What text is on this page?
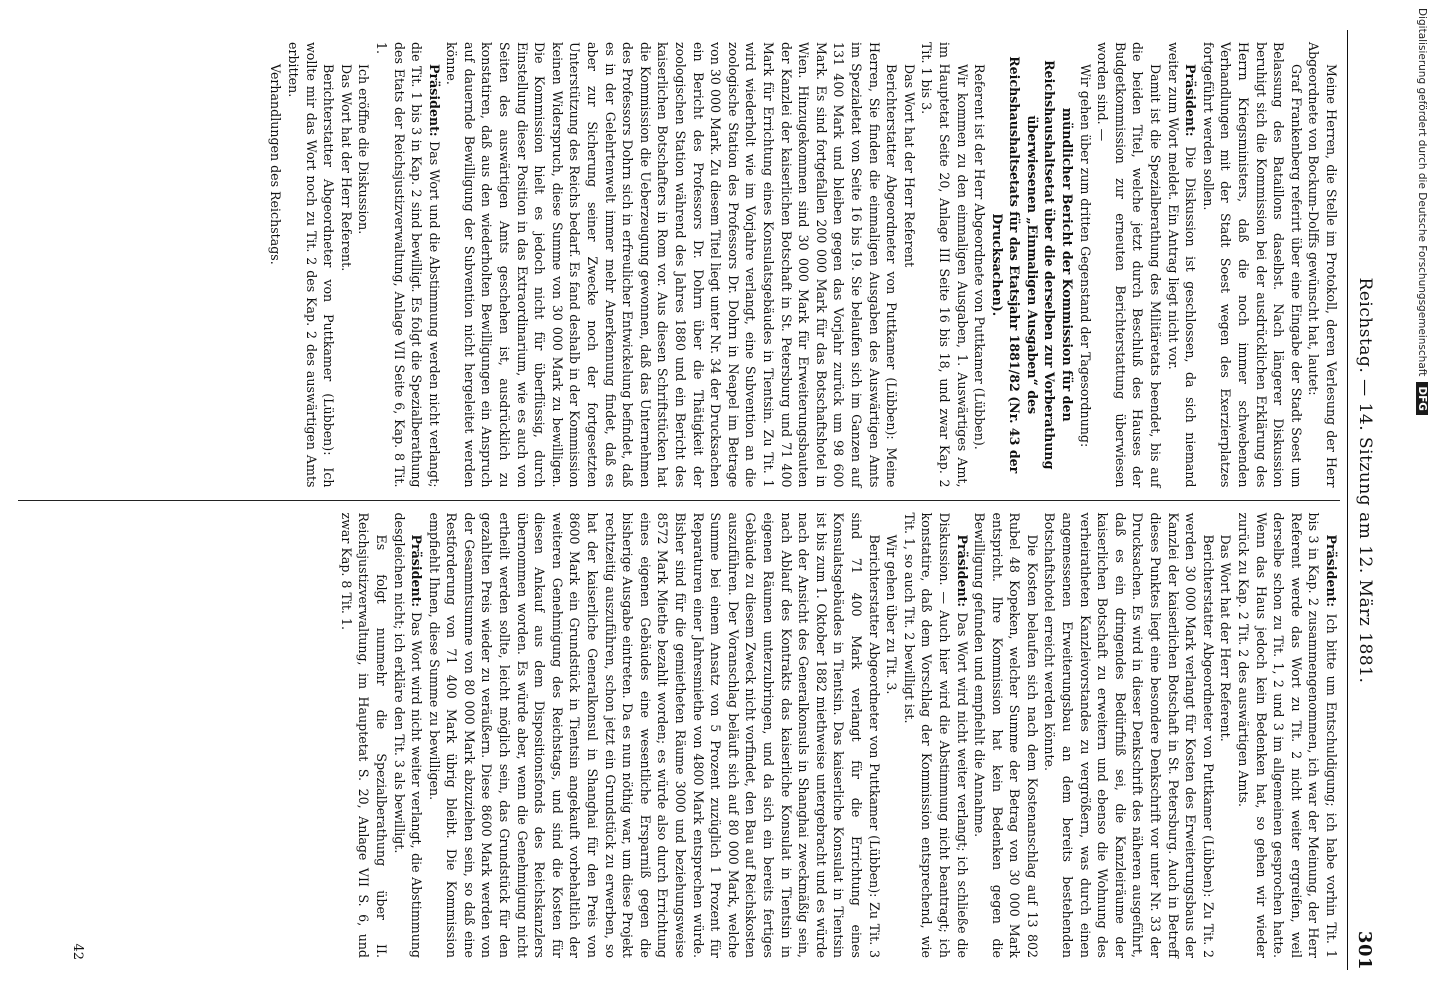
Reichstag. — 14. Sitzung am 12. März 1881.
301

Meine Herren, die Stelle im Protokoll, deren Verlesung der Herr Abgeordnete von Bockum-Dolffs gewünscht hat, lautet:

Graf Frankenberg referirt über eine Eingabe der Stadt Soest um Belassung des Bataillons daselbst. Nach längerer Diskussion beruhigt sich die Kommission bei der ausdrücklichen Erklärung des Herrn Kriegsministers, daß die noch immer schwebenden Verhandlungen mit der Stadt Soest wegen des Exerzierplatzes fortgeführt werden sollen.

Präsident: Die Diskussion ist geschlossen, da sich niemand weiter zum Wort meldet. Ein Antrag liegt nicht vor.

Damit ist die Spezialberathung des Militäretats beendet, bis auf die beiden Titel, welche jetzt durch Beschluß des Hauses der Budgetkommission zur erneuten Berichterstattung überwiesen worden sind. —

Wir gehen über zum dritten Gegenstand der Tagesordnung:

mündlicher Bericht der Kommission für den Reichshaushaltsetat über die derselben zur Vorberathung überwiesenen „Einmaligen Ausgaben“ des Reichshaushaltsetats für das Etatsjahr 1881/82 (Nr. 43 der Drucksachen).

Referent ist der Herr Abgeordnete von Puttkamer (Lübben).

Wir kommen zu den einmaligen Ausgaben, 1. Auswärtiges Amt, im Hauptetat Seite 20, Anlage III Seite 16 bis 18, und zwar Kap. 2 Tit. 1 bis 3.

Das Wort hat der Herr Referent

Berichterstatter Abgeordneter von Puttkamer (Lübben): Meine Herren, Sie finden die einmaligen Ausgaben des Auswärtigen Amts im Spezialetat von Seite 16 bis 19. Sie belaufen sich im Ganzen auf 131 400 Mark und bleiben gegen das Vorjahr zurück um 98 600 Mark. Es sind fortgefallen 200 000 Mark für das Botschaftshotel in Wien. Hinzugekommen sind 30 000 Mark für Erweiterungsbauten der Kanzlei der kaiserlichen Botschaft in St. Petersburg und 71 400 Mark für Errichtung eines Konsulatsgebäudes in Tientsin. Zu Tit. 1 wird wiederholt wie im Vorjahre verlangt, eine Subvention an die zoologische Station des Professors Dr. Dohrn in Neapel im Betrage von 30 000 Mark. Zu diesem Titel liegt unter Nr. 34 der Drucksachen ein Bericht des Professors Dr. Dohrn über die Thätigkeit der zoologischen Station während des Jahres 1880 und ein Bericht des kaiserlichen Botschafters in Rom vor. Aus diesen Schriftstücken hat die Kommission die Ueberzeugung gewonnen, daß das Unternehmen des Professors Dohrn sich in erfreulicher Entwickelung befindet, daß es in der Gelehrtenwelt immer mehr Anerkennung findet, daß es aber zur Sicherung seiner Zwecke noch der fortgesetzten Unterstützung des Reichs bedarf. Es fand deshalb in der Kommission keinen Widerspruch, diese Summe von 30 000 Mark zu bewilligen. Die Kommission hielt es jedoch nicht für überflüssig, durch Einstellung dieser Position in das Extraordinarium, wie es auch von Seiten des auswärtigen Amts geschehen ist, ausdrücklich zu konstatiren, daß aus den wiederholten Bewilligungen ein Anspruch auf dauernde Bewilligung der Subvention nicht hergeleitet werden könne.

Präsident: Das Wort und die Abstimmung werden nicht verlangt; die Tit. 1 bis 3 in Kap. 2 sind bewilligt. Es folgt die Spezialberathung des Etats der Reichsjustizverwaltung, Anlage VII Seite 6, Kap. 8 Tit. 1.

Ich eröffne die Diskussion.

Das Wort hat der Herr Referent.

Berichterstatter Abgeordneter von Puttkamer (Lübben): Ich wollte mir das Wort noch zu Tit. 2 des Kap. 2 des auswärtigen Amts erbitten.

Verhandlungen des Reichstags.

Präsident: Ich bitte um Entschuldigung; ich habe vorhin Tit. 1 bis 3 in Kap. 2 zusammengenommen, ich war der Meinung, der Herr Referent werde das Wort zu Tit. 2 nicht weiter ergreifen, weil derselbe schon zu Tit. 1, 2 und 3 im allgemeinen gesprochen hatte. Wenn das Haus jedoch kein Bedenken hat, so gehen wir wieder zurück zu Kap. 2 Tit. 2 des auswärtigen Amts.

Das Wort hat der Herr Referent.

Berichterstatter Abgeordneter von Puttkamer (Lübben): Zu Tit. 2 werden 30 000 Mark verlangt für Kosten des Erweiterungsbaus der Kanzlei der kaiserlichen Botschaft in St. Petersburg. Auch in Betreff dieses Punktes liegt eine besondere Denkschrift vor unter Nr. 33 der Drucksachen. Es wird in dieser Denkschrift des näheren ausgeführt, daß es ein dringendes Bedürfniß sei, die Kanzleiräume der kaiserlichen Botschaft zu erweitern und ebenso die Wohnung des verheiratheten Kanzleivorstandes zu vergrößern, was durch einen angemessenen Erweiterungsbau an dem bereits bestehenden Botschaftshotel erreicht werden könnte.

Die Kosten belaufen sich nach dem Kostenanschlag auf 13 802 Rubel 48 Kopeken, welcher Summe der Betrag von 30 000 Mark entspricht. Ihre Kommission hat kein Bedenken gegen die Bewilligung gefunden und empfiehlt die Annahme.

Präsident: Das Wort wird nicht weiter verlangt; ich schließe die Diskussion. — Auch hier wird die Abstimmung nicht beantragt; ich konstatire, daß dem Vorschlag der Kommission entsprechend, wie Tit. 1, so auch Tit. 2 bewilligt ist.

Wir gehen über zu Tit. 3.

Berichterstatter Abgeordneter von Puttkamer (Lübben): Zu Tit. 3 sind 71 400 Mark verlangt für die Errichtung eines Konsulatsgebäudes in Tientsin. Das kaiserliche Konsulat in Tientsin ist bis zum 1. Oktober 1882 miethweise untergebracht und es würde nach der Ansicht des Generalkonsuls in Shanghai zweckmäßig sein, nach Ablauf des Kontrakts das kaiserliche Konsulat in Tientsin in eigenen Räumen unterzubringen, und da sich ein bereits fertiges Gebäude zu diesem Zweck nicht vorfindet, den Bau auf Reichskosten auszuführen. Der Voranschlag beläuft sich auf 80 000 Mark, welche Summe bei einem Ansatz von 5 Prozent zuzüglich 1 Prozent für Reparaturen einer Jahresmiethe von 4800 Mark entsprechen würde. Bisher sind für die gemietheten Räume 3000 und beziehungsweise 8572 Mark Miethe bezahlt worden; es würde also durch Errichtung eines eigenen Gebäudes eine wesentliche Ersparniß gegen die bisherige Ausgabe eintreten. Da es nun nöthig war, um diese Projekt rechtzeitig auszuführen, schon jetzt ein Grundstück zu erwerben, so hat der kaiserliche Generalkonsul in Shanghai für den Preis von 8600 Mark ein Grundstück in Tientsin angekauft vorbehaltlich der weiteren Genehmigung des Reichstags, und sind die Kosten für diesen Ankauf aus dem Dispositionsfonds des Reichskanzlers übernommen worden. Es würde aber, wenn die Genehmigung nicht ertheilt werden sollte, leicht möglich sein, das Grundstück für den gezahlten Preis wieder zu veräußern. Diese 8600 Mark werden von der Gesammtsumme von 80 000 Mark abzuziehen sein, so daß eine Restforderung von 71 400 Mark übrig bleibt. Die Kommission empfiehlt Ihnen, diese Summe zu bewilligen.

Präsident: Das Wort wird nicht weiter verlangt, die Abstimmung desgleichen nicht; ich erkläre den Tit. 3 als bewilligt.

Es folgt nunmehr die Spezialberathung über II. Reichsjustizverwaltung, im Hauptetat S. 20, Anlage VII S. 6, und zwar Kap. 8 Tit. 1.

42
Digitalisierung gefördert durch die Deutsche ForschungsgemeinschaftDFG
